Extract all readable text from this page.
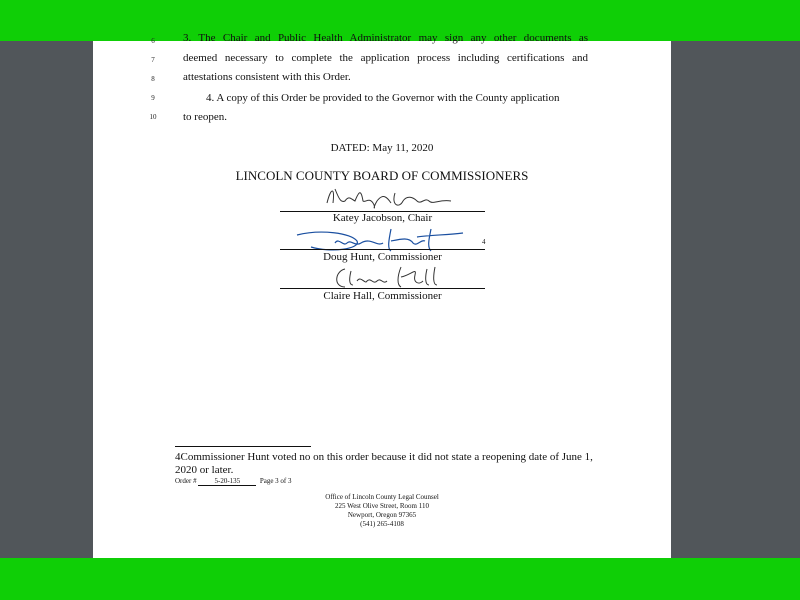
6
7
8
9
10
3. The Chair and Public Health Administrator may sign any other documents as
deemed necessary to complete the application process including certifications and
attestations consistent with this Order.
4. A copy of this Order be provided to the Governor with the County application
to reopen.
DATED: May 11, 2020
LINCOLN COUNTY BOARD OF COMMISSIONERS
Katey Jacobson, Chair
4
Doug Hunt, Commissioner
Claire Hall, Commissioner
4Commissioner Hunt voted no on this order because it did not state a reopening date of June 1,
2020 or later.
Order #	5-20-135	Page 3 of 3
Office of Lincoln County Legal Counsel
225 West Olive Street, Room 110
Newport, Oregon 97365
(541) 265-4108
